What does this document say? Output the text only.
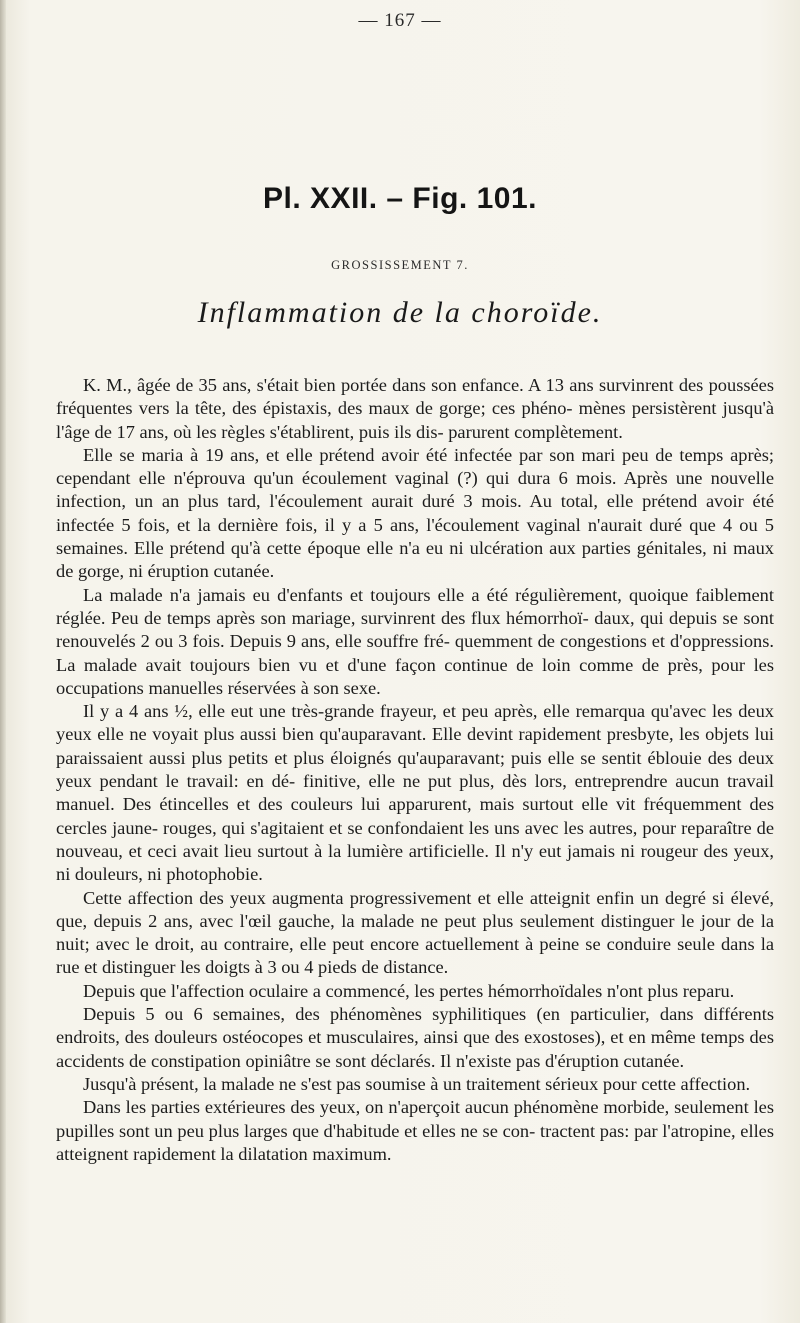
— 167 —
Pl. XXII. – Fig. 101.
GROSSISSEMENT 7.
Inflammation de la choroïde.

K. M., âgée de 35 ans, s'était bien portée dans son enfance. A 13 ans survinrent des poussées fréquentes vers la tête, des épistaxis, des maux de gorge; ces phéno- mènes persistèrent jusqu'à l'âge de 17 ans, où les règles s'établirent, puis ils dis- parurent complètement.

Elle se maria à 19 ans, et elle prétend avoir été infectée par son mari peu de temps après; cependant elle n'éprouva qu'un écoulement vaginal (?) qui dura 6 mois. Après une nouvelle infection, un an plus tard, l'écoulement aurait duré 3 mois. Au total, elle prétend avoir été infectée 5 fois, et la dernière fois, il y a 5 ans, l'écoulement vaginal n'aurait duré que 4 ou 5 semaines. Elle prétend qu'à cette époque elle n'a eu ni ulcération aux parties génitales, ni maux de gorge, ni éruption cutanée.

La malade n'a jamais eu d'enfants et toujours elle a été régulièrement, quoique faiblement réglée. Peu de temps après son mariage, survinrent des flux hémorrhoï- daux, qui depuis se sont renouvelés 2 ou 3 fois. Depuis 9 ans, elle souffre fré- quemment de congestions et d'oppressions. La malade avait toujours bien vu et d'une façon continue de loin comme de près, pour les occupations manuelles réservées à son sexe.

Il y a 4 ans ½, elle eut une très-grande frayeur, et peu après, elle remarqua qu'avec les deux yeux elle ne voyait plus aussi bien qu'auparavant. Elle devint rapidement presbyte, les objets lui paraissaient aussi plus petits et plus éloignés qu'auparavant; puis elle se sentit éblouie des deux yeux pendant le travail: en dé- finitive, elle ne put plus, dès lors, entreprendre aucun travail manuel. Des étincelles et des couleurs lui apparurent, mais surtout elle vit fréquemment des cercles jaune- rouges, qui s'agitaient et se confondaient les uns avec les autres, pour reparaître de nouveau, et ceci avait lieu surtout à la lumière artificielle. Il n'y eut jamais ni rougeur des yeux, ni douleurs, ni photophobie.

Cette affection des yeux augmenta progressivement et elle atteignit enfin un degré si élevé, que, depuis 2 ans, avec l'œil gauche, la malade ne peut plus seulement distinguer le jour de la nuit; avec le droit, au contraire, elle peut encore actuellement à peine se conduire seule dans la rue et distinguer les doigts à 3 ou 4 pieds de distance.

Depuis que l'affection oculaire a commencé, les pertes hémorrhoïdales n'ont plus reparu.

Depuis 5 ou 6 semaines, des phénomènes syphilitiques (en particulier, dans différents endroits, des douleurs ostéocopes et musculaires, ainsi que des exostoses), et en même temps des accidents de constipation opiniâtre se sont déclarés. Il n'existe pas d'éruption cutanée.

Jusqu'à présent, la malade ne s'est pas soumise à un traitement sérieux pour cette affection.

Dans les parties extérieures des yeux, on n'aperçoit aucun phénomène morbide, seulement les pupilles sont un peu plus larges que d'habitude et elles ne se con- tractent pas: par l'atropine, elles atteignent rapidement la dilatation maximum.
